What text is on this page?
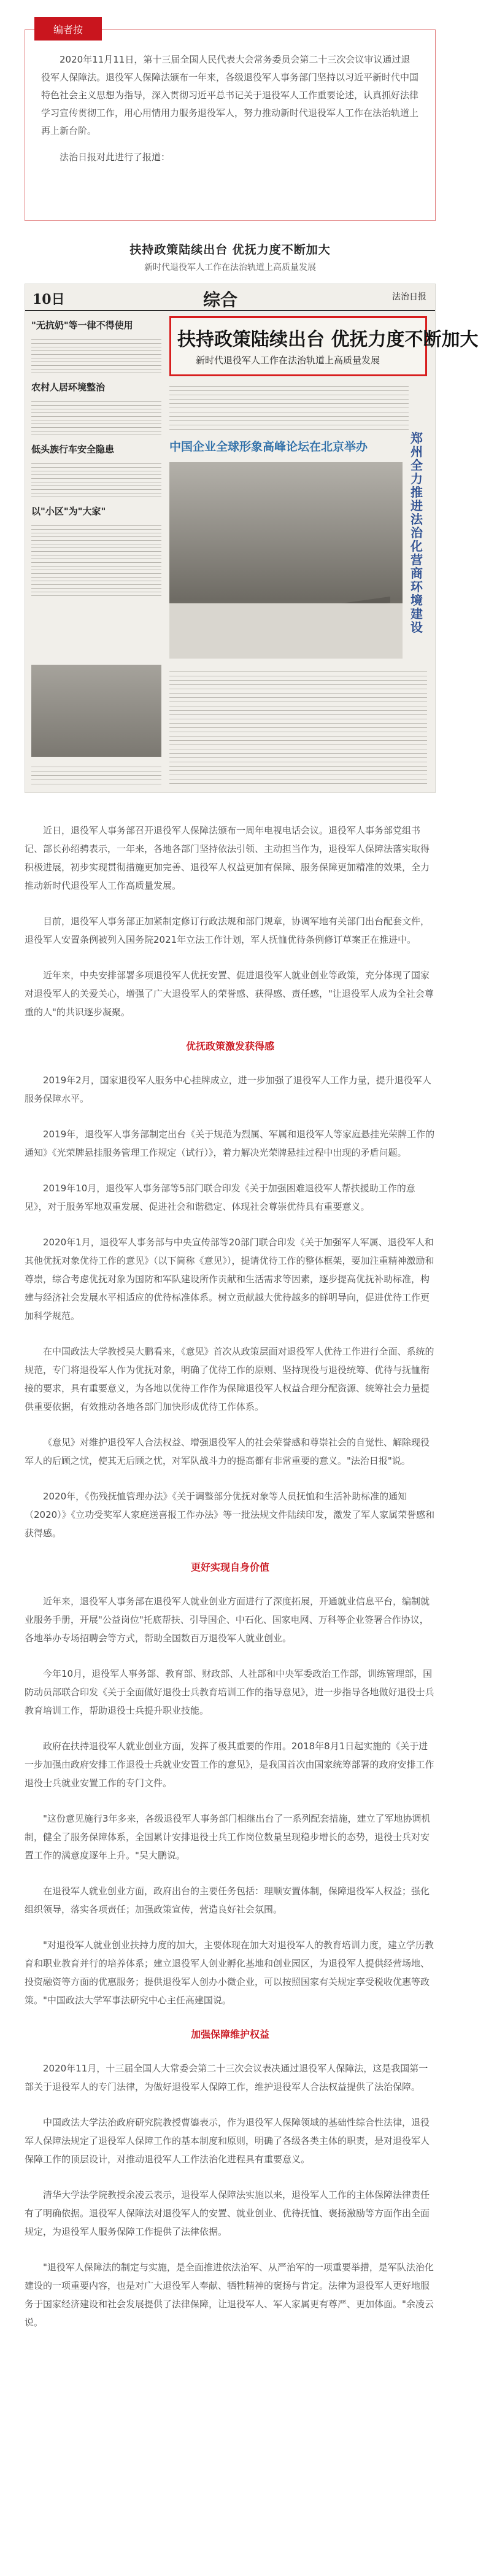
编者按

2020年11月11日，第十三届全国人民代表大会常务委员会第二十三次会议审议通过退役军人保障法。退役军人保障法颁布一年来，各级退役军人事务部门坚持以习近平新时代中国特色社会主义思想为指导，深入贯彻习近平总书记关于退役军人工作重要论述，认真抓好法律学习宣传贯彻工作，用心用情用力服务退役军人，努力推动新时代退役军人工作在法治轨道上再上新台阶。

法治日报对此进行了报道：

扶持政策陆续出台 优抚力度不断加大
新时代退役军人工作在法治轨道上高质量发展
10日	综合	法治日报
"无抗奶"等一律不得使用
农村人居环境整治
低头族行车安全隐患
以"小区"为"大家"
扶持政策陆续出台 优抚力度不断加大
新时代退役军人工作在法治轨道上高质量发展
中国企业全球形象高峰论坛在北京举办
郑州全力推进法治化营商环境建设

近日，退役军人事务部召开退役军人保障法颁布一周年电视电话会议。退役军人事务部党组书记、部长孙绍骋表示，一年来，各地各部门坚持依法引领、主动担当作为，退役军人保障法落实取得积极进展，初步实现贯彻措施更加完善、退役军人权益更加有保障、服务保障更加精准的效果，全力推动新时代退役军人工作高质量发展。

目前，退役军人事务部正加紧制定修订行政法规和部门规章，协调军地有关部门出台配套文件，退役军人安置条例被列入国务院2021年立法工作计划，军人抚恤优待条例修订草案正在推进中。

近年来，中央安排部署多项退役军人优抚安置、促进退役军人就业创业等政策，充分体现了国家对退役军人的关爱关心，增强了广大退役军人的荣誉感、获得感、责任感，"让退役军人成为全社会尊重的人"的共识逐步凝聚。

优抚政策激发获得感

2019年2月，国家退役军人服务中心挂牌成立，进一步加强了退役军人工作力量，提升退役军人服务保障水平。

2019年，退役军人事务部制定出台《关于规范为烈属、军属和退役军人等家庭悬挂光荣牌工作的通知》《光荣牌悬挂服务管理工作规定（试行）》，着力解决光荣牌悬挂过程中出现的矛盾问题。

2019年10月，退役军人事务部等5部门联合印发《关于加强困难退役军人帮扶援助工作的意见》，对于服务军地双重发展、促进社会和谐稳定、体现社会尊崇优待具有重要意义。

2020年1月，退役军人事务部与中央宣传部等20部门联合印发《关于加强军人军属、退役军人和其他优抚对象优待工作的意见》（以下简称《意见》），提请优待工作的整体框架，要加注重精神激励和尊崇，综合考虑优抚对象为国防和军队建设所作贡献和生活需求等因素，逐步提高优抚补助标准，构建与经济社会发展水平相适应的优待标准体系。树立贡献越大优待越多的鲜明导向，促进优待工作更加科学规范。

在中国政法大学教授吴大鹏看来，《意见》首次从政策层面对退役军人优待工作进行全面、系统的规范，专门将退役军人作为优抚对象，明确了优待工作的原则、坚持现役与退役统筹、优待与抚恤衔接的要求，具有重要意义，为各地以优待工作作为保障退役军人权益合理分配资源、统筹社会力量提供重要依据，有效推动各地各部门加快形成优待工作体系。

《意见》对维护退役军人合法权益、增强退役军人的社会荣誉感和尊崇社会的自觉性、解除现役军人的后顾之忧，使其无后顾之忧，对军队战斗力的提高都有非常重要的意义。"法治日报"说。

2020年，《伤残抚恤管理办法》《关于调整部分优抚对象等人员抚恤和生活补助标准的通知（2020）》《立功受奖军人家庭送喜报工作办法》等一批法规文件陆续印发，激发了军人家属荣誉感和获得感。

更好实现自身价值

近年来，退役军人事务部在退役军人就业创业方面进行了深度拓展，开通就业信息平台，编制就业服务手册，开展"公益岗位"托底帮扶、引导国企、中石化、国家电网、万科等企业签署合作协议，各地举办专场招聘会等方式，帮助全国数百万退役军人就业创业。

今年10月，退役军人事务部、教育部、财政部、人社部和中央军委政治工作部，训练管理部，国防动员部联合印发《关于全面做好退役士兵教育培训工作的指导意见》，进一步指导各地做好退役士兵教育培训工作，帮助退役士兵提升职业技能。

政府在扶持退役军人就业创业方面，发挥了极其重要的作用。2018年8月1日起实施的《关于进一步加强由政府安排工作退役士兵就业安置工作的意见》，是我国首次由国家统筹部署的政府安排工作退役士兵就业安置工作的专门文件。

"这份意见施行3年多来，各级退役军人事务部门相继出台了一系列配套措施，建立了军地协调机制，健全了服务保障体系，全国累计安排退役士兵工作岗位数量呈现稳步增长的态势，退役士兵对安置工作的满意度逐年上升。"吴大鹏说。

在退役军人就业创业方面，政府出台的主要任务包括：理顺安置体制，保障退役军人权益；强化组织领导，落实各项责任；加强政策宣传，营造良好社会氛围。

"对退役军人就业创业扶持力度的加大，主要体现在加大对退役军人的教育培训力度，建立学历教育和职业教育并行的培养体系；建立退役军人创业孵化基地和创业园区，为退役军人提供经营场地、投资融资等方面的优惠服务；提供退役军人创办小微企业，可以按照国家有关规定享受税收优惠等政策。"中国政法大学军事法研究中心主任高建国说。

加强保障维护权益

2020年11月，十三届全国人大常委会第二十三次会议表决通过退役军人保障法，这是我国第一部关于退役军人的专门法律，为做好退役军人保障工作，维护退役军人合法权益提供了法治保障。

中国政法大学法治政府研究院教授曹鎏表示，作为退役军人保障领域的基础性综合性法律，退役军人保障法规定了退役军人保障工作的基本制度和原则，明确了各级各类主体的职责，是对退役军人保障工作的顶层设计，对推动退役军人工作法治化进程具有重要意义。

清华大学法学院教授余凌云表示，退役军人保障法实施以来，退役军人工作的主体保障法律责任有了明确依据。退役军人保障法对退役军人的安置、就业创业、优待抚恤、褒扬激励等方面作出全面规定，为退役军人服务保障工作提供了法律依据。

"退役军人保障法的制定与实施，是全面推进依法治军、从严治军的一项重要举措，是军队法治化建设的一项重要内容，也是对广大退役军人奉献、牺牲精神的褒扬与肯定。法律为退役军人更好地服务于国家经济建设和社会发展提供了法律保障，让退役军人、军人家属更有尊严、更加体面。"余凌云说。
